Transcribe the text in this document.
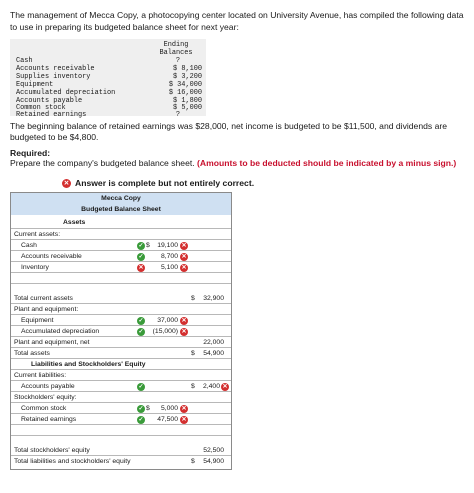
The management of Mecca Copy, a photocopying center located on University Avenue, has compiled the following data to use in preparing its budgeted balance sheet for next year:
Ending
Balances
Cash	?
Accounts receivable	$ 8,100
Supplies inventory	$ 3,200
Equipment	$ 34,000
Accumulated depreciation	$ 16,000
Accounts payable	$ 1,800
Common stock	$ 5,000
Retained earnings	?
The beginning balance of retained earnings was $28,000, net income is budgeted to be $11,500, and dividends are budgeted to be $4,800.
Required:
Prepare the company's budgeted balance sheet. (Amounts to be deducted should be indicated by a minus sign.)
✕ Answer is complete but not entirely correct.
Mecca Copy
Budgeted Balance Sheet
Assets
Current assets:
Cash	✓ $	19,100 ✕
Accounts receivable	✓	8,700 ✕
Inventory	✕	5,100 ✕
Total current assets	$	32,900
Plant and equipment:
Equipment	✓	37,000 ✕
Accumulated depreciation	✓	(15,000) ✕
Plant and equipment, net	22,000
Total assets	$	54,900
Liabilities and Stockholders' Equity
Current liabilities:
Accounts payable	✓	$	2,400 ✕
Stockholders' equity:
Common stock	✓ $	5,000 ✕
Retained earnings	✓	47,500 ✕
Total stockholders' equity	52,500
Total liabilities and stockholders' equity	$	54,900
